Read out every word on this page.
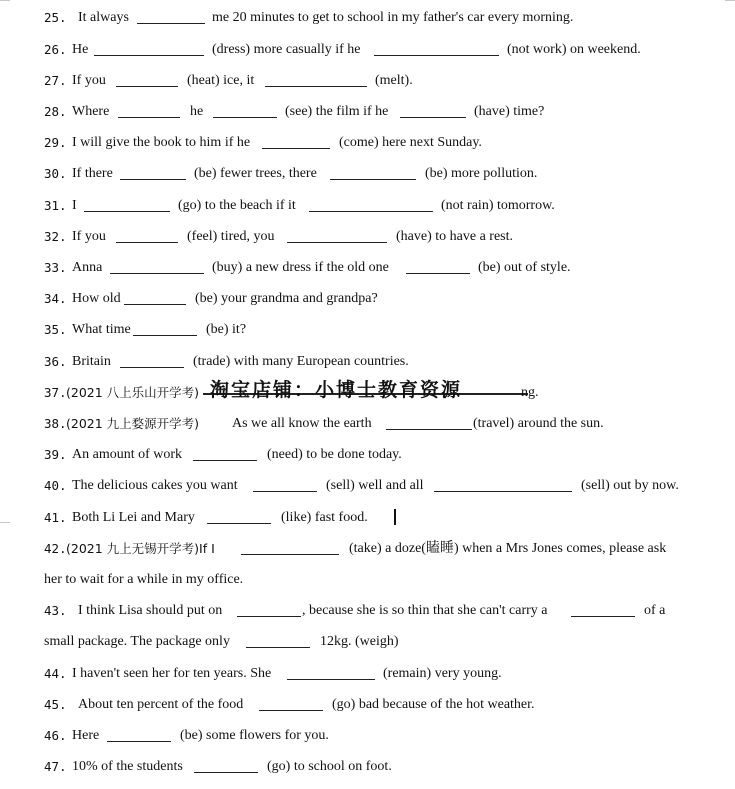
25. It always	me 20 minutes to get to school in my father's car every morning.
26. He	(dress) more casually if he	(not work) on weekend.
27. If you	(heat) ice, it	(melt).
28. Where	he	(see) the film if he	(have) time?
29. I will give the book to him if he	(come) here next Sunday.
30. If there	(be) fewer trees, there	(be) more pollution.
31. I	(go) to the beach if it	(not rain) tomorrow.
32. If you	(feel) tired, you	(have) to have a rest.
33. Anna	(buy) a new dress if the old one	(be) out of style.
34. How old	(be) your grandma and grandpa?
35. What time	(be) it?
36. Britain	(trade) with many European countries.
37. (2021 八上乐山开学考) 淘宝店铺：小博士教育资源	ng.
38. (2021 九上婺源开学考) As we all know the earth	(travel) around the sun.
39. An amount of work	(need) to be done today.
40. The delicious cakes you want	(sell) well and all	(sell) out by now.
41. Both Li Lei and Mary	(like) fast food.
42. (2021 九上无锡开学考)If I	(take) a doze(瞌睡) when a Mrs Jones comes, please ask
her to wait for a while in my office.
43. I think Lisa should put on	, because she is so thin that she can't carry a	of a
small package. The package only	12kg. (weigh)
44. I haven't seen her for ten years. She	(remain) very young.
45. About ten percent of the food	(go) bad because of the hot weather.
46. Here	(be) some flowers for you.
47. 10% of the students	(go) to school on foot.
